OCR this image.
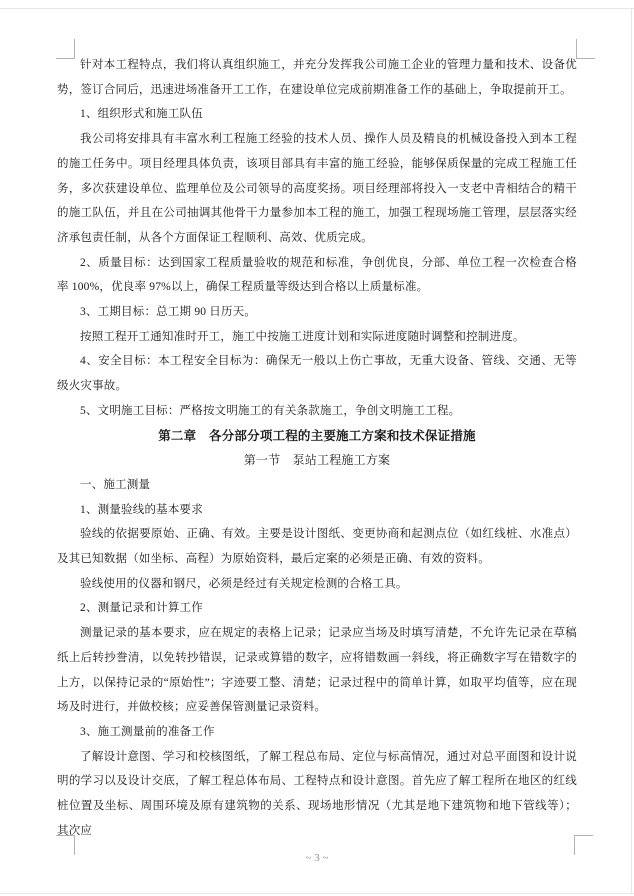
针对本工程特点，我们将认真组织施工，并充分发挥我公司施工企业的管理力量和技术、设备优势，签订合同后，迅速进场准备开工工作，在建设单位完成前期准备工作的基础上，争取提前开工。

1、组织形式和施工队伍

我公司将安排具有丰富水利工程施工经验的技术人员、操作人员及精良的机械设备投入到本工程的施工任务中。项目经理具体负责，该项目部具有丰富的施工经验，能够保质保量的完成工程施工任务，多次获建设单位、监理单位及公司领导的高度奖扬。项目经理部将投入一支老中青相结合的精干的施工队伍，并且在公司抽调其他骨干力量参加本工程的施工，加强工程现场施工管理，层层落实经济承包责任制，从各个方面保证工程顺利、高效、优质完成。

2、质量目标：达到国家工程质量验收的规范和标准，争创优良，分部、单位工程一次检查合格率 100%，优良率 97%以上，确保工程质量等级达到合格以上质量标准。

3、工期目标：总工期 90 日历天。

按照工程开工通知准时开工，施工中按施工进度计划和实际进度随时调整和控制进度。

4、安全目标：本工程安全目标为：确保无一般以上伤亡事故，无重大设备、管线、交通、无等级火灾事故。

5、文明施工目标：严格按文明施工的有关条款施工，争创文明施工工程。

第二章　各分部分项工程的主要施工方案和技术保证措施

第一节　泵站工程施工方案

一、施工测量

1、测量验线的基本要求

验线的依据要原始、正确、有效。主要是设计图纸、变更协商和起测点位（如红线桩、水准点）及其已知数据（如坐标、高程）为原始资料，最后定案的必须是正确、有效的资料。

验线使用的仪器和钢尺，必须是经过有关规定检测的合格工具。

2、测量记录和计算工作

测量记录的基本要求，应在规定的表格上记录；记录应当场及时填写清楚，不允许先记录在草稿纸上后转抄誊清，以免转抄错误，记录或算错的数字，应将错数画一斜线，将正确数字写在错数字的上方，以保持记录的“原始性”；字迹要工整、清楚；记录过程中的简单计算，如取平均值等，应在现场及时进行，并做校核；应妥善保管测量记录资料。

3、施工测量前的准备工作

了解设计意图、学习和校核图纸，了解工程总布局、定位与标高情况，通过对总平面图和设计说明的学习以及设计交底，了解工程总体布局、工程特点和设计意图。首先应了解工程所在地区的红线桩位置及坐标、周围环境及原有建筑物的关系、现场地形情况（尤其是地下建筑物和地下管线等）；其次应

~ 3 ~
